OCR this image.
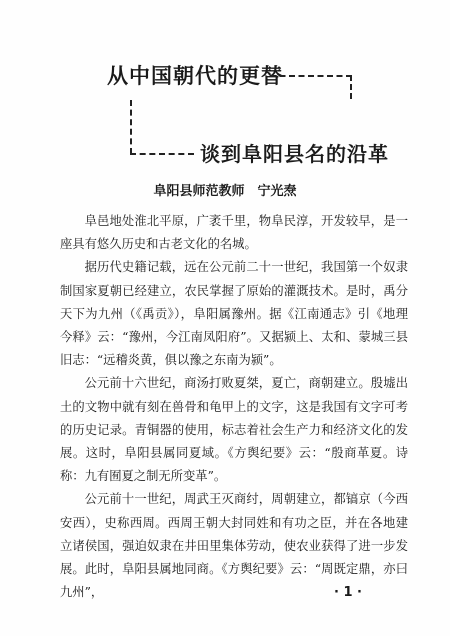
从中国朝代的更替
谈到阜阳县名的沿革
阜阳县师范教师　宁光焘

阜邑地处淮北平原，广袤千里，物阜民淳，开发较早，是一座具有悠久历史和古老文化的名城。

据历代史籍记载，远在公元前二十一世纪，我国第一个奴隶制国家夏朝已经建立，农民掌握了原始的灌溉技术。是时，禹分天下为九州（《禹贡》），阜阳属豫州。据《江南通志》引《地理今释》云：“豫州，今江南凤阳府”。又据颍上、太和、蒙城三县旧志：“远稽炎黄，俱以豫之东南为颍”。

公元前十六世纪，商汤打败夏桀，夏亡，商朝建立。殷墟出土的文物中就有刻在兽骨和龟甲上的文字，这是我国有文字可考的历史记录。青铜器的使用，标志着社会生产力和经济文化的发展。这时，阜阳县属同夏域。《方舆纪要》云：“殷商革夏。诗称：九有囿夏之制无所变革”。

公元前十一世纪，周武王灭商纣，周朝建立，都镐京（今西安西），史称西周。西周王朝大封同姓和有功之臣，并在各地建立诸侯国，强迫奴隶在井田里集体劳动，使农业获得了进一步发展。此时，阜阳县属地同商。《方舆纪要》云：“周既定鼎，亦曰九州”，	· 1 ·
